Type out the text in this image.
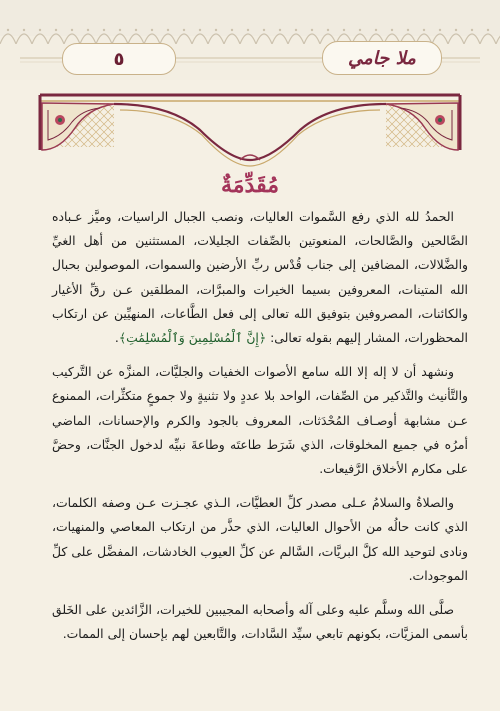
٥	ملا جامي
مُقَدِّمَةٌ

الحمدُ لله الذي رفع السَّموات العاليات، ونصب الجبال الراسيات، وميَّز عـباده الصَّالحين والصَّالحات، المنعوتين بالصِّفات الجليلات، المستثنين من أهل الغيِّ والضَّلالات، المضافين إلى جناب قُدْس ربِّ الأرضين والسموات، الموصولين بحبال الله المتينات، المعروفين بسيما الخيرات والمبرَّات، المطلقين عـن رقِّ الأغيار والكائنات، المصروفين بتوفيق الله تعالى إلى فعل الطَّاعات، المنهيِّين عن ارتكاب المحظورات، المشار إليهم بقوله تعالى: ﴿إِنَّ ٱلْمُسْلِمِينَ وَٱلْمُسْلِمَٰتِ﴾.

ونشهد أن لا إله إلا الله سامع الأصوات الخفيات والجليَّات، المنزَّه عن التَّركيب والتَّأنيث والتَّذكير من الصِّفات، الواحد بلا عددٍ ولا تثنيةٍ ولا جموعٍ متكثِّرات، الممنوع عـن مشابهة أوصـاف المُحْدَثات، المعروف بالجود والكرم والإحسانات، الماضي أمرُه في جميع المخلوقات، الذي شَرَط طاعتَه وطاعةَ نبيِّه لدخول الجنَّات، وحضَّ على مكارم الأخلاق الرَّفيعات.

والصلاةُ والسلامُ عـلى مصدر كلِّ العطيَّات، الـذي عجـزت عـن وصفه الكلمات، الذي كانت حالُه من الأحوال العاليات، الذي حذَّر من ارتكاب المعاصي والمنهيات، ونادى لتوحيد الله كلَّ البريَّات، السَّالم عن كلِّ العيوب الخادشات، المفضَّل على كلِّ الموجودات.

صلَّى الله وسلَّم عليه وعلى آله وأصحابه المجيبين للخيرات، الزَّائدين على الخَلق بأسمى المزيَّات، بكونهم تابعي سيِّد السَّادات، والتَّابعين لهم بإحسان إلى الممات.
